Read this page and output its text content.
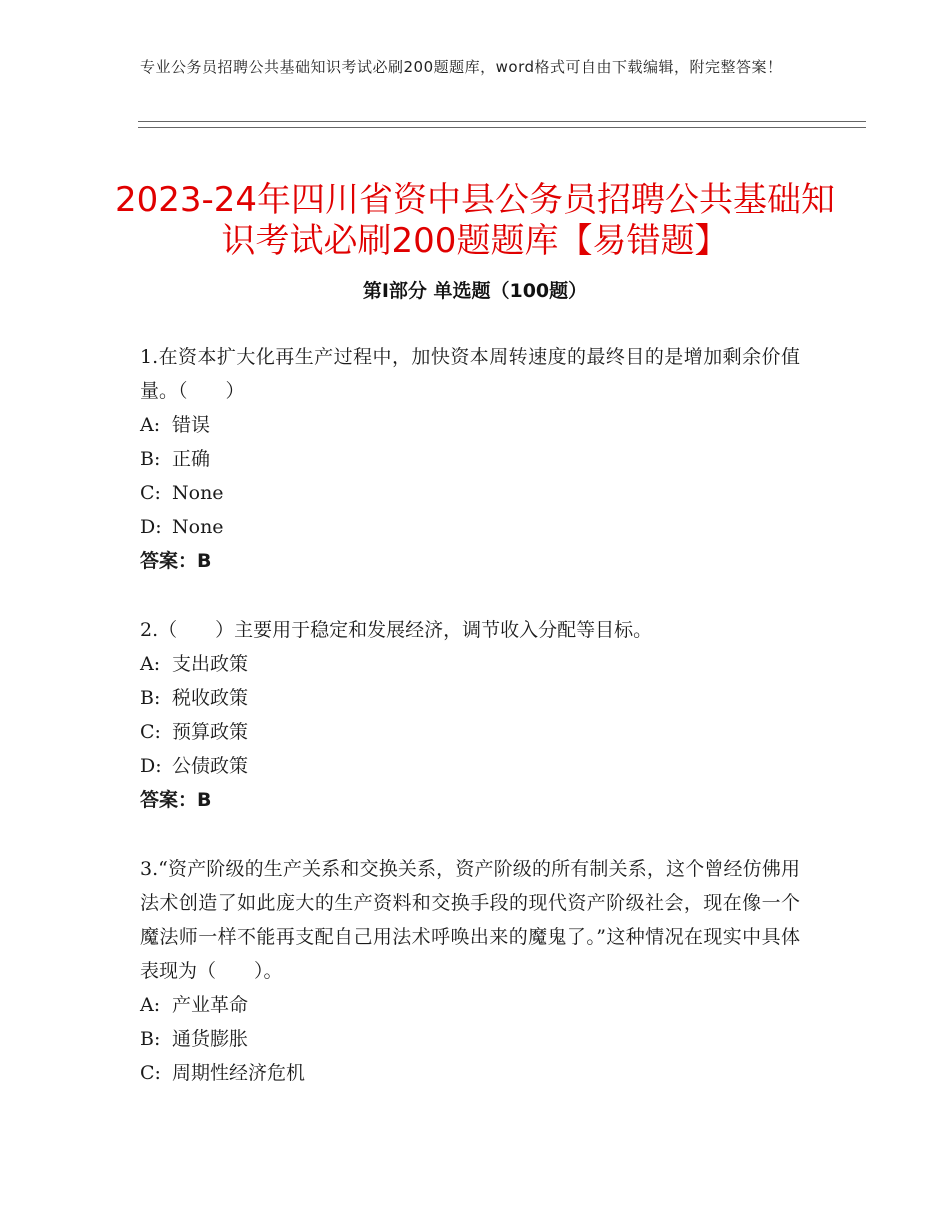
专业公务员招聘公共基础知识考试必刷200题题库，word格式可自由下载编辑，附完整答案！
2023-24年四川省资中县公务员招聘公共基础知识考试必刷200题题库【易错题】
第Ⅰ部分 单选题（100题）

1.在资本扩大化再生产过程中，加快资本周转速度的最终目的是增加剩余价值量。（　　）

A: 错误

B: 正确

C: None

D: None

答案：B

2.（　　）主要用于稳定和发展经济，调节收入分配等目标。

A: 支出政策

B: 税收政策

C: 预算政策

D: 公债政策

答案：B

3.“资产阶级的生产关系和交换关系，资产阶级的所有制关系，这个曾经仿佛用法术创造了如此庞大的生产资料和交换手段的现代资产阶级社会，现在像一个魔法师一样不能再支配自己用法术呼唤出来的魔鬼了。”这种情况在现实中具体表现为（　　）。

A: 产业革命

B: 通货膨胀

C: 周期性经济危机
